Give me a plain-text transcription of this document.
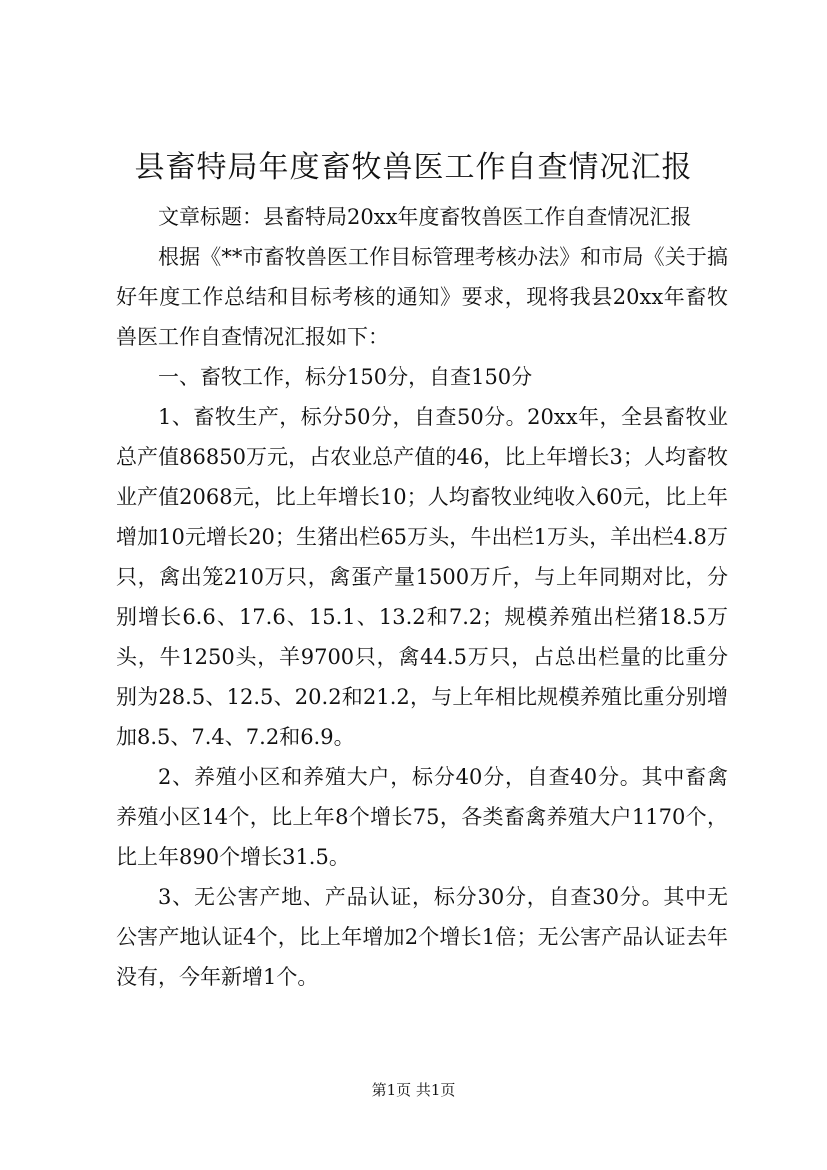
县畜特局年度畜牧兽医工作自查情况汇报

文章标题：县畜特局20xx年度畜牧兽医工作自查情况汇报

根据《**市畜牧兽医工作目标管理考核办法》和市局《关于搞好年度工作总结和目标考核的通知》要求，现将我县20xx年畜牧兽医工作自查情况汇报如下：

一、畜牧工作，标分150分，自查150分

1、畜牧生产，标分50分，自查50分。20xx年，全县畜牧业总产值86850万元，占农业总产值的46，比上年增长3；人均畜牧业产值2068元，比上年增长10；人均畜牧业纯收入60元，比上年增加10元增长20；生猪出栏65万头，牛出栏1万头，羊出栏4.8万只，禽出笼210万只，禽蛋产量1500万斤，与上年同期对比，分别增长6.6、17.6、15.1、13.2和7.2；规模养殖出栏猪18.5万头，牛1250头，羊9700只，禽44.5万只，占总出栏量的比重分别为28.5、12.5、20.2和21.2，与上年相比规模养殖比重分别增加8.5、7.4、7.2和6.9。

2、养殖小区和养殖大户，标分40分，自查40分。其中畜禽养殖小区14个，比上年8个增长75，各类畜禽养殖大户1170个，比上年890个增长31.5。

3、无公害产地、产品认证，标分30分，自查30分。其中无公害产地认证4个，比上年增加2个增长1倍；无公害产品认证去年没有，今年新增1个。

第1页 共1页
